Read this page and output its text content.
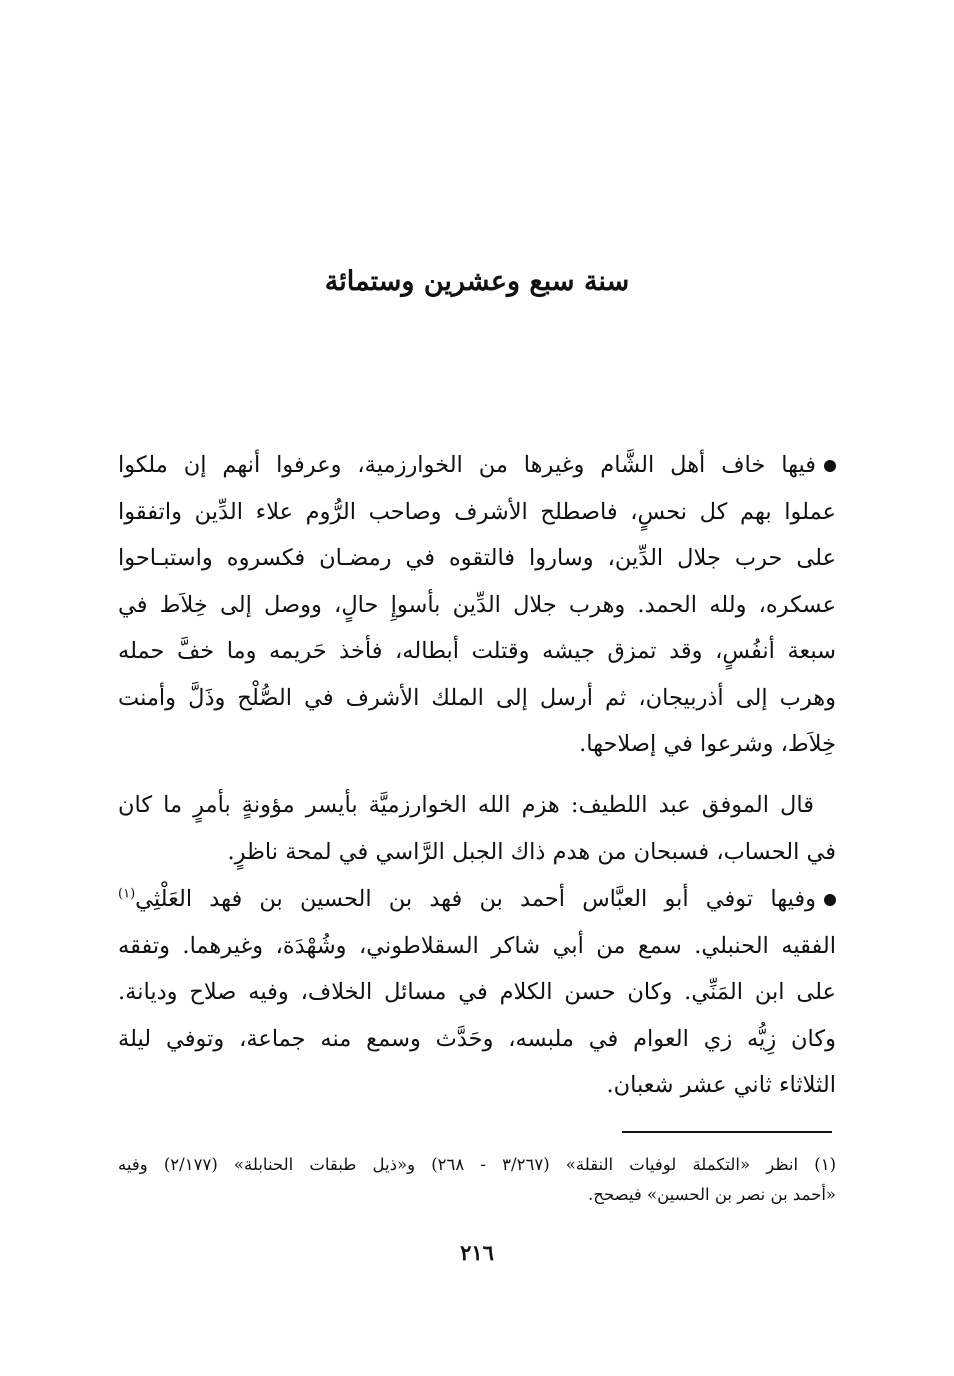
سنة سبع وعشرين وستمائة
فيها خاف أهل الشَّام وغيرها من الخوارزمية، وعرفوا أنهم إن ملكوا
عملوا بهم كل نحسٍ، فاصطلح الأشرف وصاحب الرُّوم علاء الدِّين واتفقوا
على حرب جلال الدِّين، وساروا فالتقوه في رمضـان فكسروه واستبـاحوا
عسكره، ولله الحمد. وهرب جلال الدِّين بأسوإِ حالٍ، ووصل إلى خِلاَط في
سبعة أنفُسٍ، وقد تمزق جيشه وقتلت أبطاله، فأخذ حَريمه وما خفَّ حمله
وهرب إلى أذربيجان، ثم أرسل إلى الملك الأشرف في الصُّلْح وذَلَّ وأمنت
خِلاَط، وشرعوا في إصلاحها.
قال الموفق عبد اللطيف: هزم الله الخوارزميَّة بأيسر مؤونةٍ بأمرٍ ما كان
في الحساب، فسبحان من هدم ذاك الجبل الرَّاسي في لمحة ناظرٍ.
وفيها توفي أبو العبَّاس أحمد بن فهد بن الحسين بن فهد العَلْثِي$^{(١)}$
الفقيه الحنبلي. سمع من أبي شاكر السقلاطوني، وشُهْدَة، وغيرهما. وتفقه
على ابن المَنِّي. وكان حسن الكلام في مسائل الخلاف، وفيه صلاح وديانة.
وكان زِيُّه زي العوام في ملبسه، وحَدَّث وسمع منه جماعة، وتوفي ليلة
الثلاثاء ثاني عشر شعبان.
(١) انظر «التكملة لوفيات النقلة» (٣/٢٦٧ - ٢٦٨) و«ذيل طبقات الحنابلة» (٢/١٧٧) وفيه
«أحمد بن نصر بن الحسين» فيصحح.
٢١٦
